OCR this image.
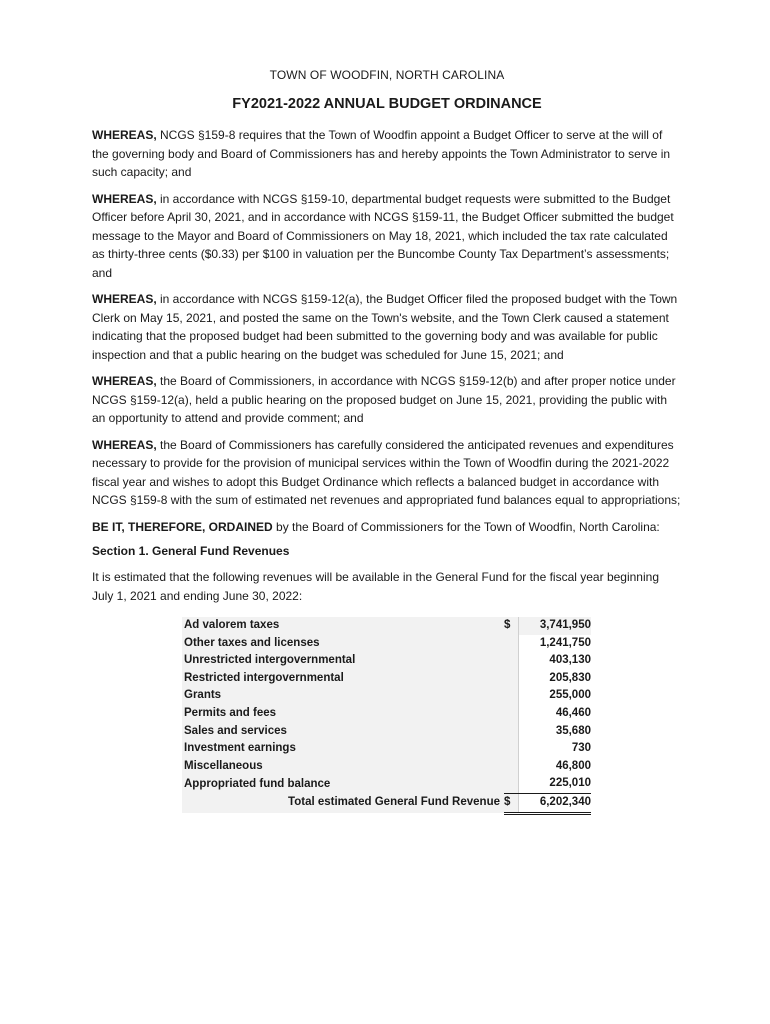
TOWN OF WOODFIN, NORTH CAROLINA
FY2021-2022 ANNUAL BUDGET ORDINANCE

WHEREAS, NCGS §159-8 requires that the Town of Woodfin appoint a Budget Officer to serve at the will of the governing body and Board of Commissioners has and hereby appoints the Town Administrator to serve in such capacity; and

WHEREAS, in accordance with NCGS §159-10, departmental budget requests were submitted to the Budget Officer before April 30, 2021, and in accordance with NCGS §159-11, the Budget Officer submitted the budget message to the Mayor and Board of Commissioners on May 18, 2021, which included the tax rate calculated as thirty-three cents ($0.33) per $100 in valuation per the Buncombe County Tax Department’s assessments; and

WHEREAS, in accordance with NCGS §159-12(a), the Budget Officer filed the proposed budget with the Town Clerk on May 15, 2021, and posted the same on the Town's website, and the Town Clerk caused a statement indicating that the proposed budget had been submitted to the governing body and was available for public inspection and that a public hearing on the budget was scheduled for June 15, 2021; and

WHEREAS, the Board of Commissioners, in accordance with NCGS §159-12(b) and after proper notice under NCGS §159-12(a), held a public hearing on the proposed budget on June 15, 2021, providing the public with an opportunity to attend and provide comment; and

WHEREAS, the Board of Commissioners has carefully considered the anticipated revenues and expenditures necessary to provide for the provision of municipal services within the Town of Woodfin during the 2021-2022 fiscal year and wishes to adopt this Budget Ordinance which reflects a balanced budget in accordance with NCGS §159-8 with the sum of estimated net revenues and appropriated fund balances equal to appropriations;

BE IT, THEREFORE, ORDAINED by the Board of Commissioners for the Town of Woodfin, North Carolina:

Section 1. General Fund Revenues

It is estimated that the following revenues will be available in the General Fund for the fiscal year beginning July 1, 2021 and ending June 30, 2022:

Ad valorem taxes	$	3,741,950
Other taxes and licenses		1,241,750
Unrestricted intergovernmental		403,130
Restricted intergovernmental		205,830
Grants		255,000
Permits and fees		46,460
Sales and services		35,680
Investment earnings		730
Miscellaneous		46,800
Appropriated fund balance		225,010
Total estimated General Fund Revenue	$	6,202,340
